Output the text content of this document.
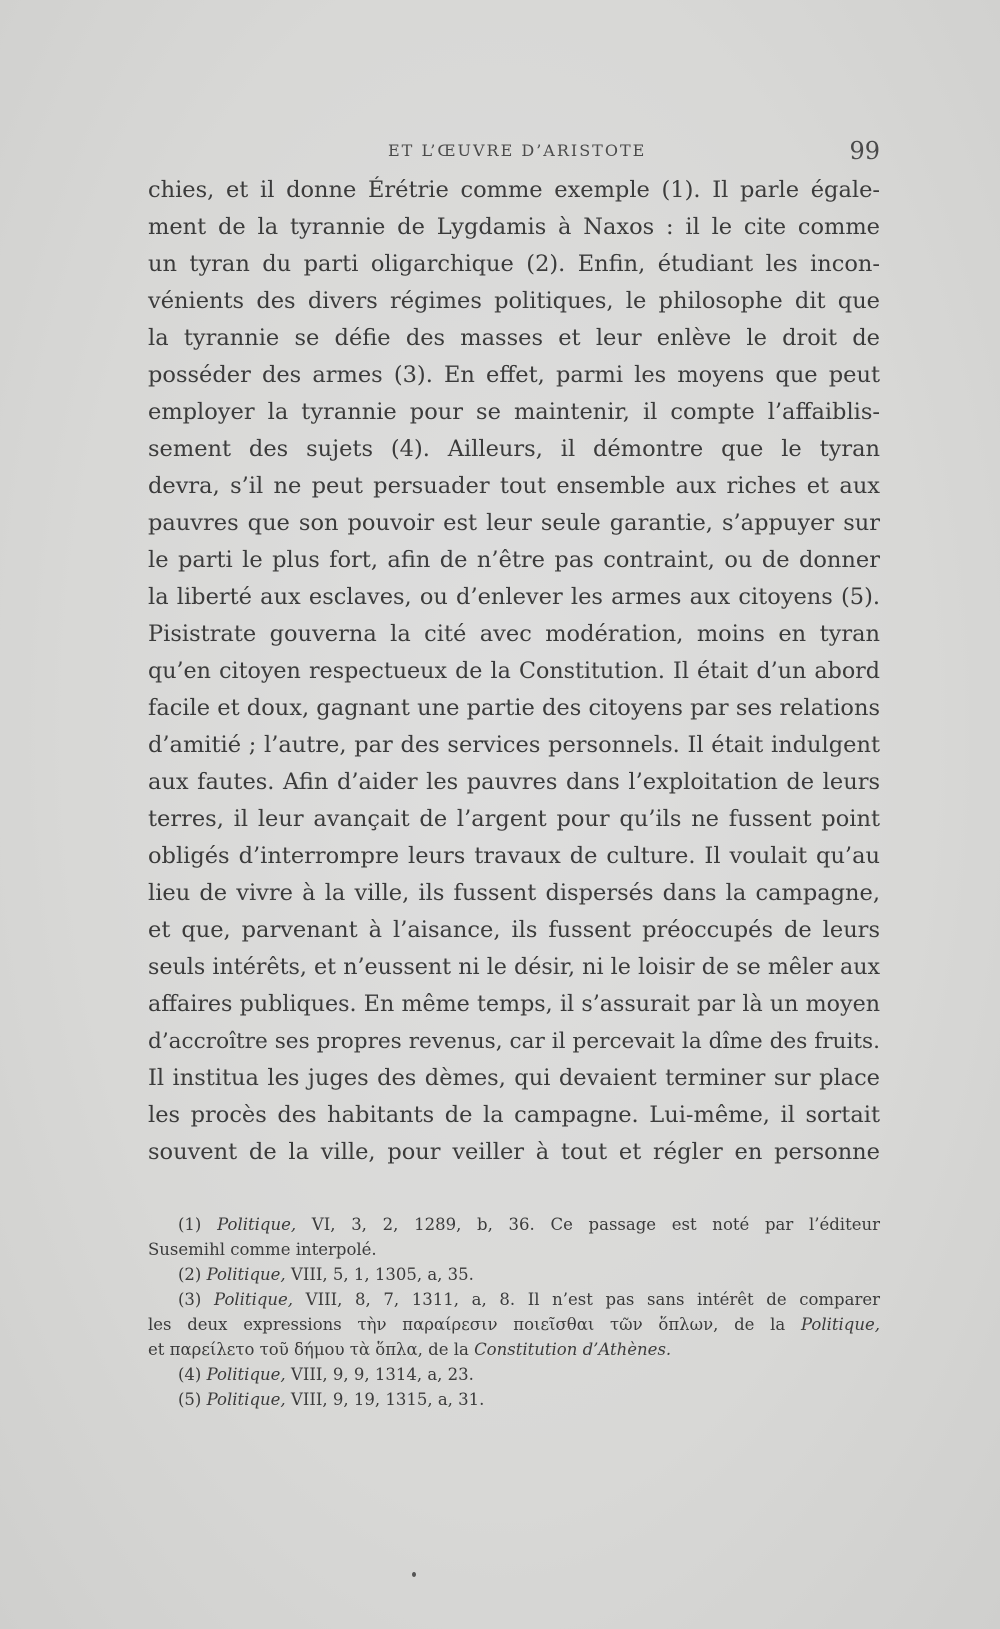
ET L’ŒUVRE D’ARISTOTE	99
chies, et il donne Érétrie comme exemple (1). Il parle égale-
ment de la tyrannie de Lygdamis à Naxos : il le cite comme
un tyran du parti oligarchique (2). Enfin, étudiant les incon-
vénients des divers régimes politiques, le philosophe dit que
la tyrannie se défie des masses et leur enlève le droit de
posséder des armes (3). En effet, parmi les moyens que peut
employer la tyrannie pour se maintenir, il compte l’affaiblis-
sement des sujets (4). Ailleurs, il démontre que le tyran
devra, s’il ne peut persuader tout ensemble aux riches et aux
pauvres que son pouvoir est leur seule garantie, s’appuyer sur
le parti le plus fort, afin de n’être pas contraint, ou de donner
la liberté aux esclaves, ou d’enlever les armes aux citoyens (5).
Pisistrate gouverna la cité avec modération, moins en tyran
qu’en citoyen respectueux de la Constitution. Il était d’un abord
facile et doux, gagnant une partie des citoyens par ses relations
d’amitié ; l’autre, par des services personnels. Il était indulgent
aux fautes. Afin d’aider les pauvres dans l’exploitation de leurs
terres, il leur avançait de l’argent pour qu’ils ne fussent point
obligés d’interrompre leurs travaux de culture. Il voulait qu’au
lieu de vivre à la ville, ils fussent dispersés dans la campagne,
et que, parvenant à l’aisance, ils fussent préoccupés de leurs
seuls intérêts, et n’eussent ni le désir, ni le loisir de se mêler aux
affaires publiques. En même temps, il s’assurait par là un moyen
d’accroître ses propres revenus, car il percevait la dîme des fruits.
Il institua les juges des dèmes, qui devaient terminer sur place
les procès des habitants de la campagne. Lui-même, il sortait
souvent de la ville, pour veiller à tout et régler en personne
(1) Politique, VI, 3, 2, 1289, b, 36. Ce passage est noté par l’éditeur
Susemihl comme interpolé.
(2) Politique, VIII, 5, 1, 1305, a, 35.
(3) Politique, VIII, 8, 7, 1311, a, 8. Il n’est pas sans intérêt de comparer
les deux expressions τὴν παραίρεσιν ποιεῖσθαι τῶν ὅπλων, de la Politique,
et παρείλετο τοῦ δήμου τὰ ὅπλα, de la Constitution d’Athènes.
(4) Politique, VIII, 9, 9, 1314, a, 23.
(5) Politique, VIII, 9, 19, 1315, a, 31.
